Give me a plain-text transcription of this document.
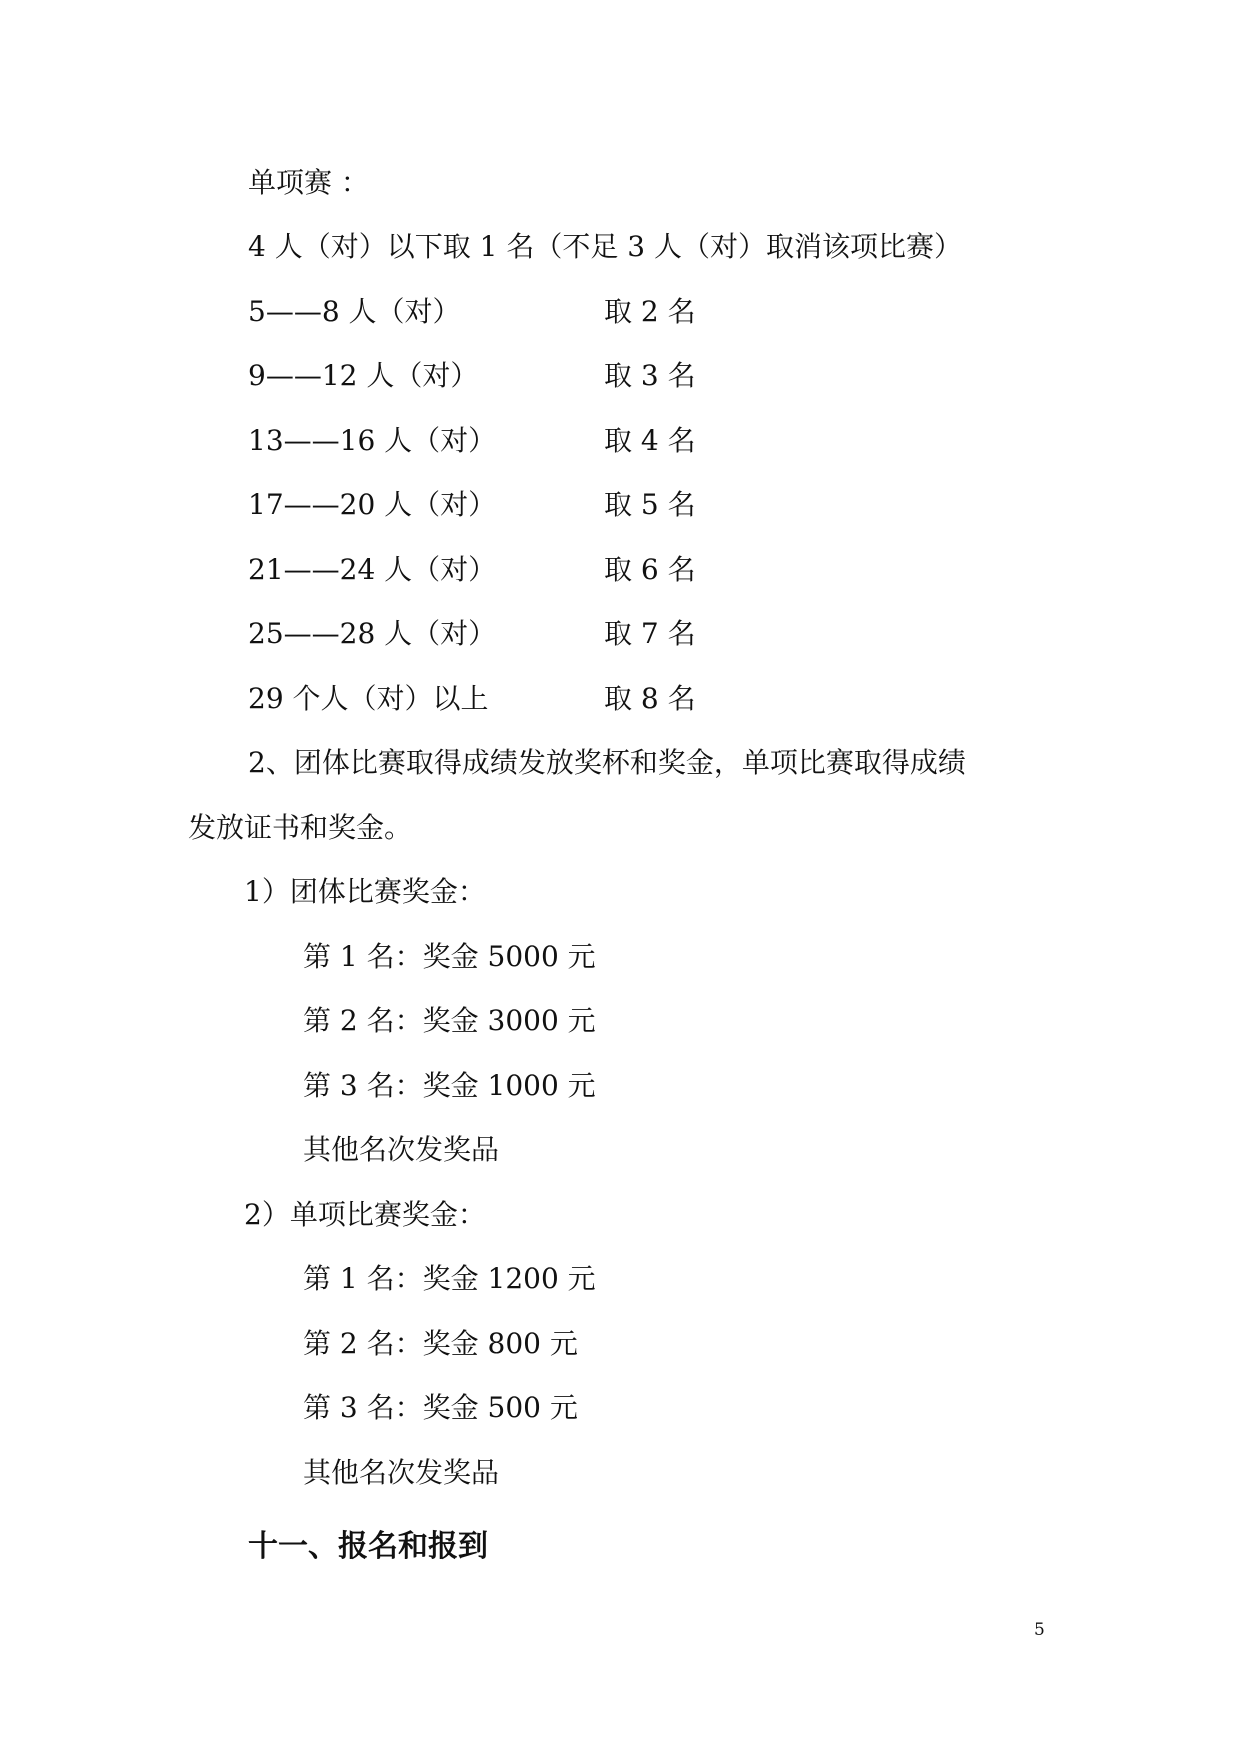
单项赛 ：
4 人（对）以下取 1 名（不足 3 人（对）取消该项比赛）
5——8 人（对）	取 2 名
9——12 人（对）	取 3 名
13——16 人（对）	取 4 名
17——20 人（对）	取 5 名
21——24 人（对）	取 6 名
25——28 人（对）	取 7 名
29 个人（对）以上	取 8 名
2、团体比赛取得成绩发放奖杯和奖金，单项比赛取得成绩
发放证书和奖金。
1）团体比赛奖金：
第 1 名：奖金 5000 元
第 2 名：奖金 3000 元
第 3 名：奖金 1000 元
其他名次发奖品
2）单项比赛奖金：
第 1 名：奖金 1200 元
第 2 名：奖金 800 元
第 3 名：奖金 500 元
其他名次发奖品
十一、报名和报到
5
